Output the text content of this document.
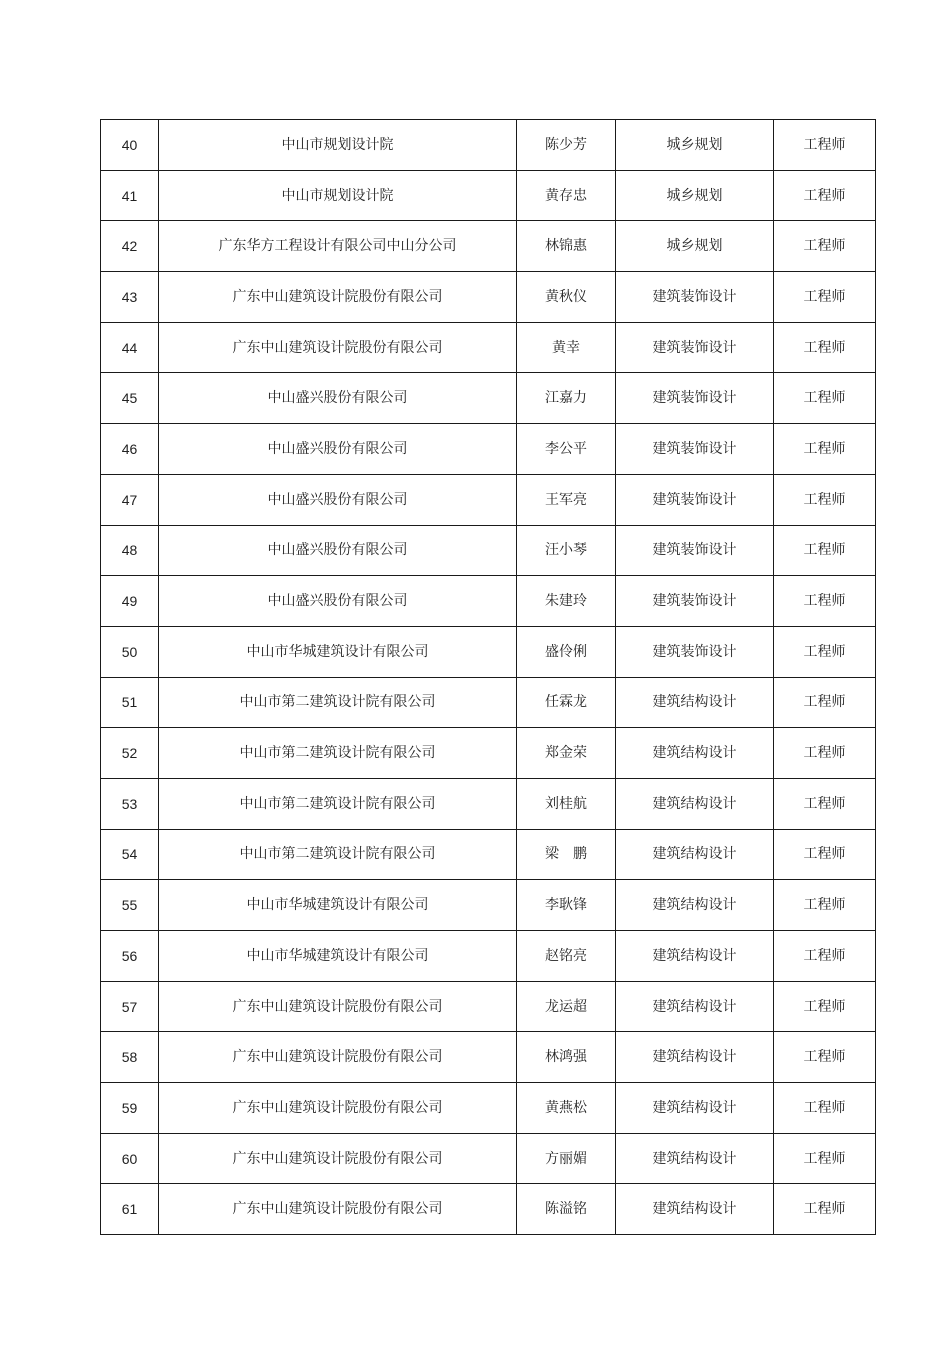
40	中山市规划设计院	陈少芳	城乡规划	工程师
41	中山市规划设计院	黄存忠	城乡规划	工程师
42	广东华方工程设计有限公司中山分公司	林锦惠	城乡规划	工程师
43	广东中山建筑设计院股份有限公司	黄秋仪	建筑装饰设计	工程师
44	广东中山建筑设计院股份有限公司	黄幸	建筑装饰设计	工程师
45	中山盛兴股份有限公司	江嘉力	建筑装饰设计	工程师
46	中山盛兴股份有限公司	李公平	建筑装饰设计	工程师
47	中山盛兴股份有限公司	王军亮	建筑装饰设计	工程师
48	中山盛兴股份有限公司	汪小琴	建筑装饰设计	工程师
49	中山盛兴股份有限公司	朱建玲	建筑装饰设计	工程师
50	中山市华城建筑设计有限公司	盛伶俐	建筑装饰设计	工程师
51	中山市第二建筑设计院有限公司	任霖龙	建筑结构设计	工程师
52	中山市第二建筑设计院有限公司	郑金荣	建筑结构设计	工程师
53	中山市第二建筑设计院有限公司	刘桂航	建筑结构设计	工程师
54	中山市第二建筑设计院有限公司	梁　鹏	建筑结构设计	工程师
55	中山市华城建筑设计有限公司	李耿锋	建筑结构设计	工程师
56	中山市华城建筑设计有限公司	赵铭亮	建筑结构设计	工程师
57	广东中山建筑设计院股份有限公司	龙运超	建筑结构设计	工程师
58	广东中山建筑设计院股份有限公司	林鸿强	建筑结构设计	工程师
59	广东中山建筑设计院股份有限公司	黄燕松	建筑结构设计	工程师
60	广东中山建筑设计院股份有限公司	方丽媚	建筑结构设计	工程师
61	广东中山建筑设计院股份有限公司	陈溢铭	建筑结构设计	工程师
